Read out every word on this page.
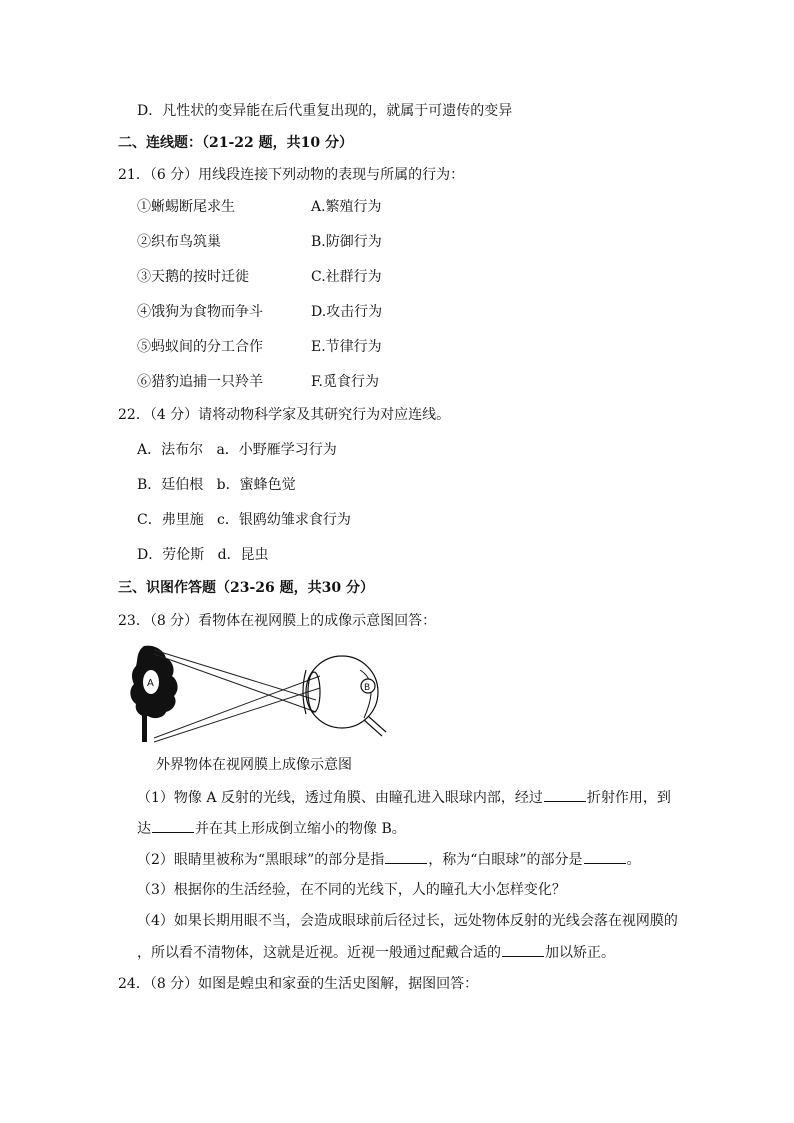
D．凡性状的变异能在后代重复出现的，就属于可遗传的变异
二、连线题：（21-22 题，共10 分）
21．（6 分）用线段连接下列动物的表现与所属的行为：
①蜥蜴断尾求生	A.繁殖行为
②织布鸟筑巢	B.防御行为
③天鹅的按时迁徙	C.社群行为
④饿狗为食物而争斗	D.攻击行为
⑤蚂蚁间的分工合作	E.节律行为
⑥猎豹追捕一只羚羊	F.觅食行为
22．（4 分）请将动物科学家及其研究行为对应连线。
A．法布尔   a．小野雁学习行为
B．廷伯根   b．蜜蜂色觉
C．弗里施   c．银鸥幼雏求食行为
D．劳伦斯   d．昆虫
三、识图作答题（23-26 题，共30 分）
23．（8 分）看物体在视网膜上的成像示意图回答：
A	B
外界物体在视网膜上成像示意图
（1）物像 A 反射的光线，透过角膜、由瞳孔进入眼球内部，经过	折射作用，到
达	并在其上形成倒立缩小的物像 B。
（2）眼睛里被称为“黑眼球”的部分是指	，称为“白眼球”的部分是	。
（3）根据你的生活经验，在不同的光线下，人的瞳孔大小怎样变化？
（4）如果长期用眼不当，会造成眼球前后径过长，远处物体反射的光线会落在视网膜的
，所以看不清物体，这就是近视。近视一般通过配戴合适的	加以矫正。
24．（8 分）如图是蝗虫和家蚕的生活史图解，据图回答：
